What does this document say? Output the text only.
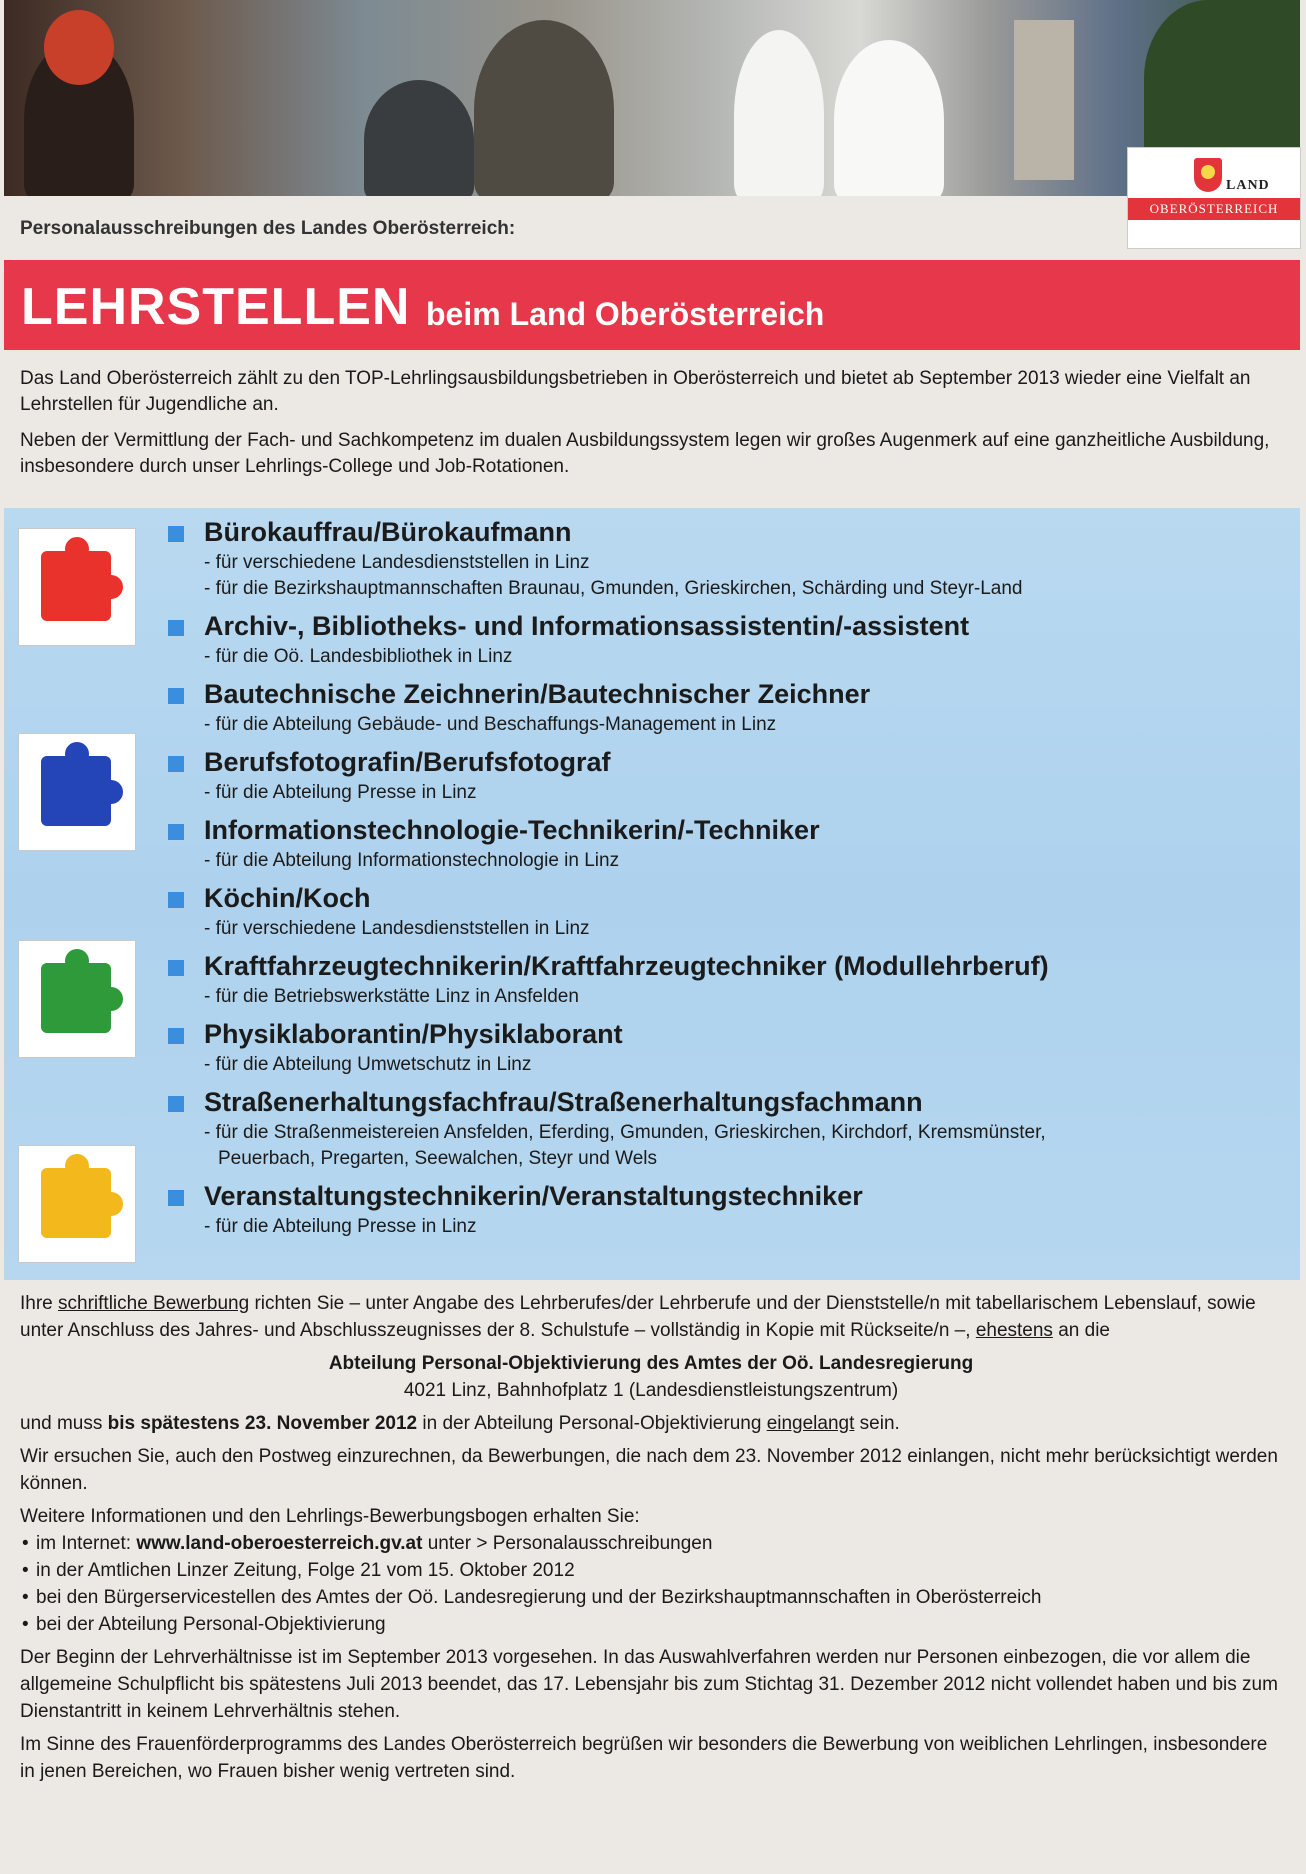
LAND
OBERÖSTERREICH
Personalausschreibungen des Landes Oberösterreich:
LEHRSTELLEN beim Land Oberösterreich

Das Land Oberösterreich zählt zu den TOP-Lehrlingsausbildungsbetrieben in Oberösterreich und bietet ab September 2013 wieder eine Vielfalt an Lehrstellen für Jugendliche an.

Neben der Vermittlung der Fach- und Sachkompetenz im dualen Ausbildungssystem legen wir großes Augenmerk auf eine ganzheitliche Ausbildung, insbesondere durch unser Lehrlings-College und Job-Rotationen.

Bürokauffrau/Bürokaufmann
- für verschiedene Landesdienststellen in Linz
- für die Bezirkshauptmannschaften Braunau, Gmunden, Grieskirchen, Schärding und Steyr-Land
Archiv-, Bibliotheks- und Informationsassistentin/-assistent
- für die Oö. Landesbibliothek in Linz
Bautechnische Zeichnerin/Bautechnischer Zeichner
- für die Abteilung Gebäude- und Beschaffungs-Management in Linz
Berufsfotografin/Berufsfotograf
- für die Abteilung Presse in Linz
Informationstechnologie-Technikerin/-Techniker
- für die Abteilung Informationstechnologie in Linz
Köchin/Koch
- für verschiedene Landesdienststellen in Linz
Kraftfahrzeugtechnikerin/Kraftfahrzeugtechniker (Modullehrberuf)
- für die Betriebswerkstätte Linz in Ansfelden
Physiklaborantin/Physiklaborant
- für die Abteilung Umwetschutz in Linz
Straßenerhaltungsfachfrau/Straßenerhaltungsfachmann
- für die Straßenmeistereien Ansfelden, Eferding, Gmunden, Grieskirchen, Kirchdorf, Kremsmünster,
Peuerbach, Pregarten, Seewalchen, Steyr und Wels
Veranstaltungstechnikerin/Veranstaltungstechniker
- für die Abteilung Presse in Linz

Ihre schriftliche Bewerbung richten Sie – unter Angabe des Lehrberufes/der Lehrberufe und der Dienststelle/n mit tabellarischem Lebenslauf, sowie unter Anschluss des Jahres- und Abschlusszeugnisses der 8. Schulstufe – vollständig in Kopie mit Rückseite/n –, ehestens an die

Abteilung Personal-Objektivierung des Amtes der Oö. Landesregierung
4021 Linz, Bahnhofplatz 1 (Landesdienstleistungszentrum)

und muss bis spätestens 23. November 2012 in der Abteilung Personal-Objektivierung eingelangt sein.

Wir ersuchen Sie, auch den Postweg einzurechnen, da Bewerbungen, die nach dem 23. November 2012 einlangen, nicht mehr berücksichtigt werden können.

Weitere Informationen und den Lehrlings-Bewerbungsbogen erhalten Sie:

• im Internet: www.land-oberoesterreich.gv.at unter > Personalausschreibungen
• in der Amtlichen Linzer Zeitung, Folge 21 vom 15. Oktober 2012
• bei den Bürgerservicestellen des Amtes der Oö. Landesregierung und der Bezirkshauptmannschaften in Oberösterreich
• bei der Abteilung Personal-Objektivierung

Der Beginn der Lehrverhältnisse ist im September 2013 vorgesehen. In das Auswahlverfahren werden nur Personen einbezogen, die vor allem die allgemeine Schulpflicht bis spätestens Juli 2013 beendet, das 17. Lebensjahr bis zum Stichtag 31. Dezember 2012 nicht vollendet haben und bis zum Dienstantritt in keinem Lehrverhältnis stehen.

Im Sinne des Frauenförderprogramms des Landes Oberösterreich begrüßen wir besonders die Bewerbung von weiblichen Lehrlingen, insbesondere in jenen Bereichen, wo Frauen bisher wenig vertreten sind.
